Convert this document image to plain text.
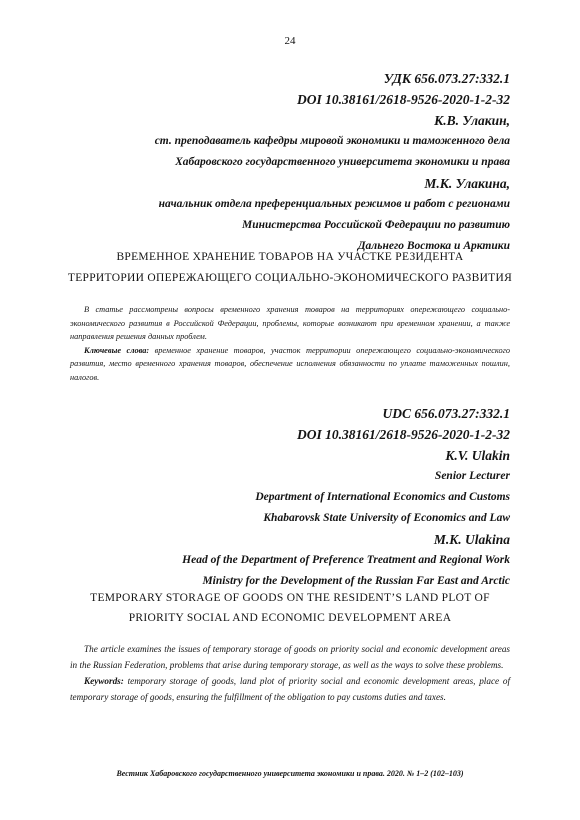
24
УДК 656.073.27:332.1
DOI 10.38161/2618-9526-2020-1-2-32
К.В. Улакин,
ст. преподаватель кафедры мировой экономики и таможенного дела
Хабаровского государственного университета экономики и права
М.К. Улакина,
начальник отдела преференциальных режимов и работ с регионами
Министерства Российской Федерации по развитию
Дальнего Востока и Арктики
ВРЕМЕННОЕ ХРАНЕНИЕ ТОВАРОВ НА УЧАСТКЕ РЕЗИДЕНТА
ТЕРРИТОРИИ ОПЕРЕЖАЮЩЕГО СОЦИАЛЬНО-ЭКОНОМИЧЕСКОГО РАЗВИТИЯ

В статье рассмотрены вопросы временного хранения товаров на территориях опережающего социально-экономического развития в Российской Федерации, проблемы, которые возникают при временном хранении, а также направления решения данных проблем.

Ключевые слова: временное хранение товаров, участок территории опережающего социально-экономического развития, место временного хранения товаров, обеспечение исполнения обязанности по уплате таможенных пошлин, налогов.

UDC 656.073.27:332.1
DOI 10.38161/2618-9526-2020-1-2-32
K.V. Ulakin
Senior Lecturer
Department of International Economics and Customs
Khabarovsk State University of Economics and Law
M.K. Ulakina
Head of the Department of Preference Treatment and Regional Work
Ministry for the Development of the Russian Far East and Arctic
TEMPORARY STORAGE OF GOODS ON THE RESIDENT’S LAND PLOT OF
PRIORITY SOCIAL AND ECONOMIC DEVELOPMENT AREA

The article examines the issues of temporary storage of goods on priority social and economic development areas in the Russian Federation, problems that arise during temporary storage, as well as the ways to solve these problems.

Keywords: temporary storage of goods, land plot of priority social and economic development areas, place of temporary storage of goods, ensuring the fulfillment of the obligation to pay customs duties and taxes.

Вестник Хабаровского государственного университета экономики и права. 2020. № 1–2 (102–103)
